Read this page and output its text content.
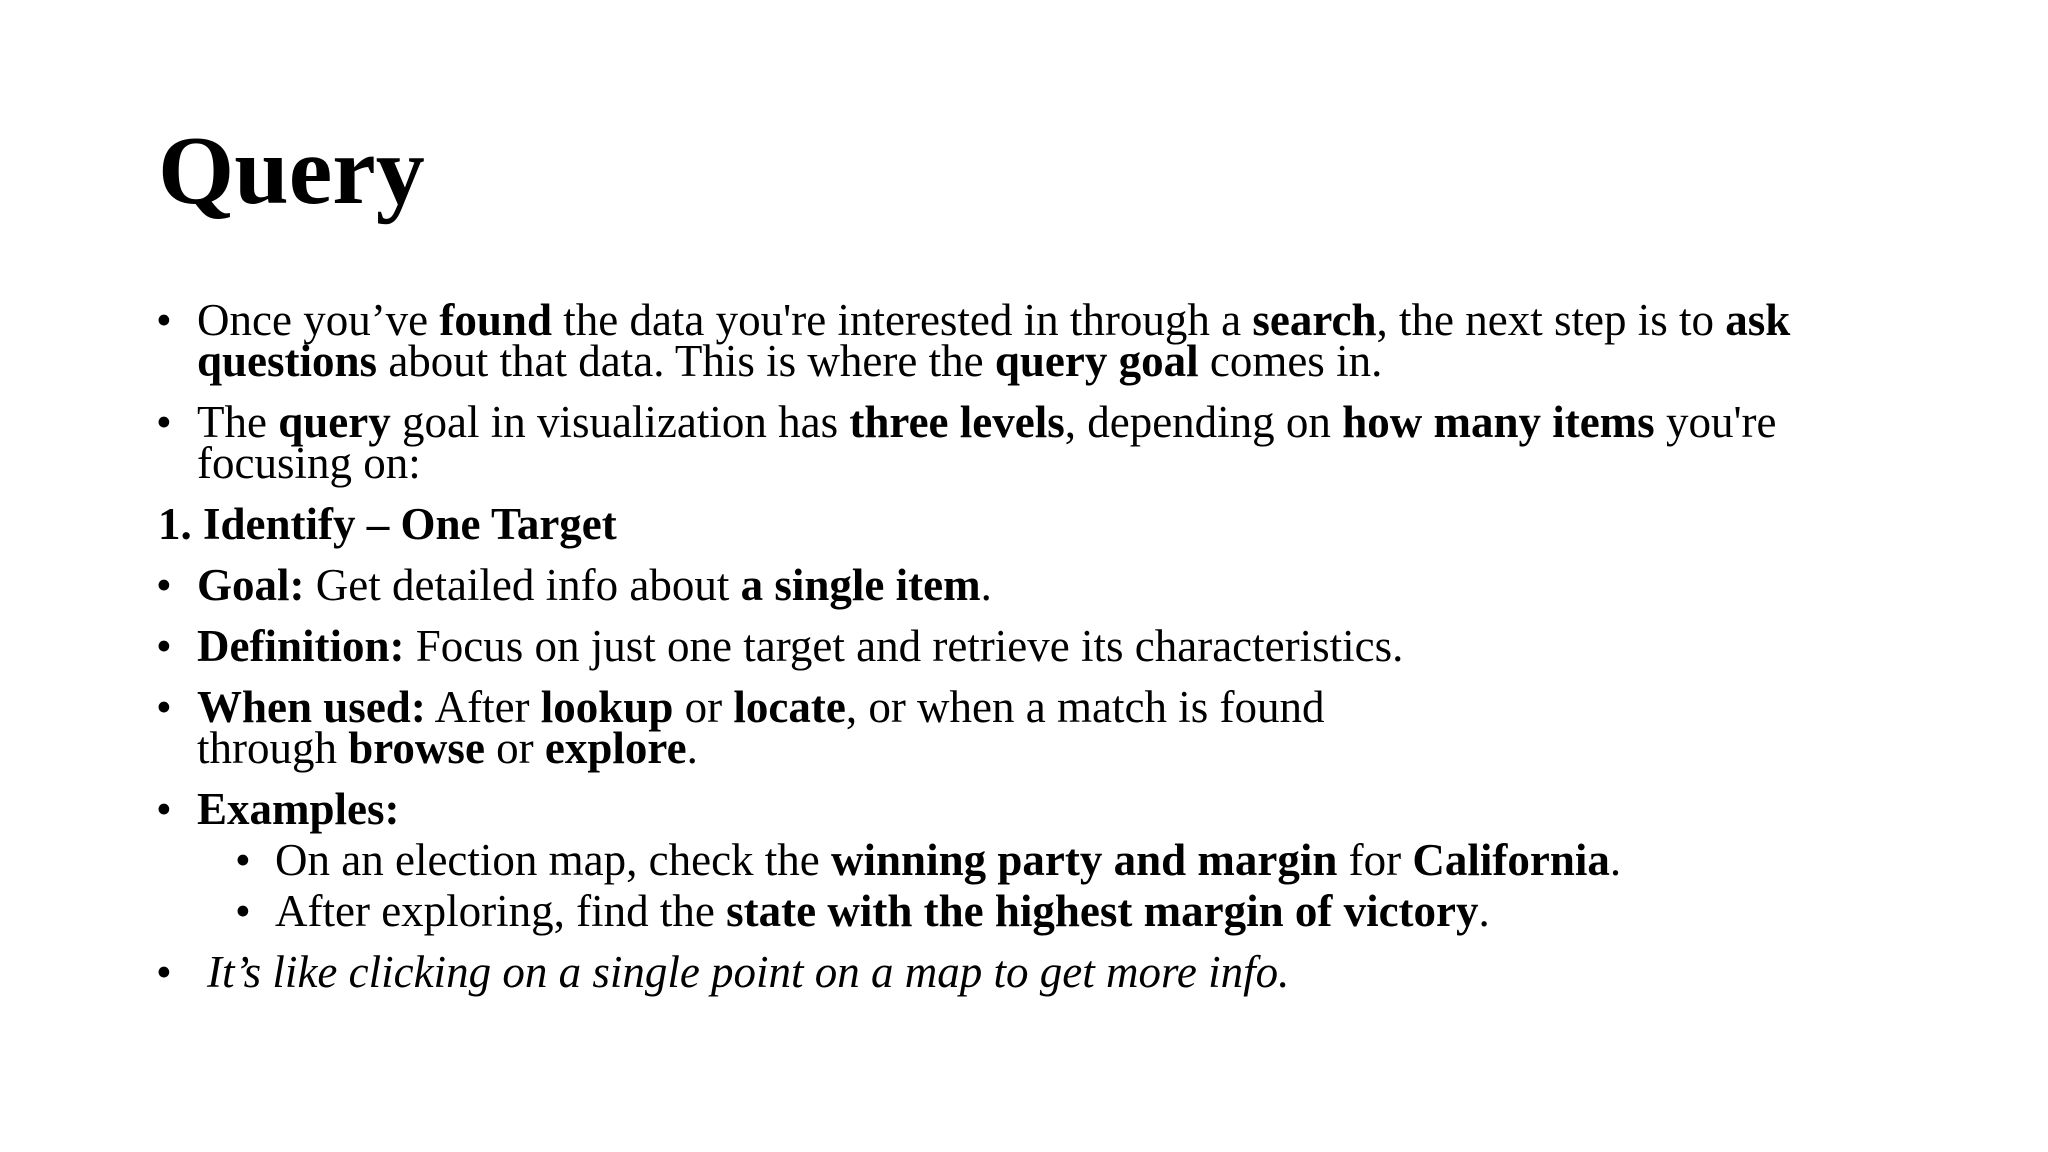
Query
• Once you’ve found the data you're interested in through a search, the next step is to ask questions about that data. This is where the query goal comes in.
• The query goal in visualization has three levels, depending on how many items you're focusing on:
1. Identify – One Target
• Goal: Get detailed info about a single item.
• Definition: Focus on just one target and retrieve its characteristics.
• When used: After lookup or locate, or when a match is found
through browse or explore.
• Examples:
• On an election map, check the winning party and margin for California.
• After exploring, find the state with the highest margin of victory.
• It’s like clicking on a single point on a map to get more info.
